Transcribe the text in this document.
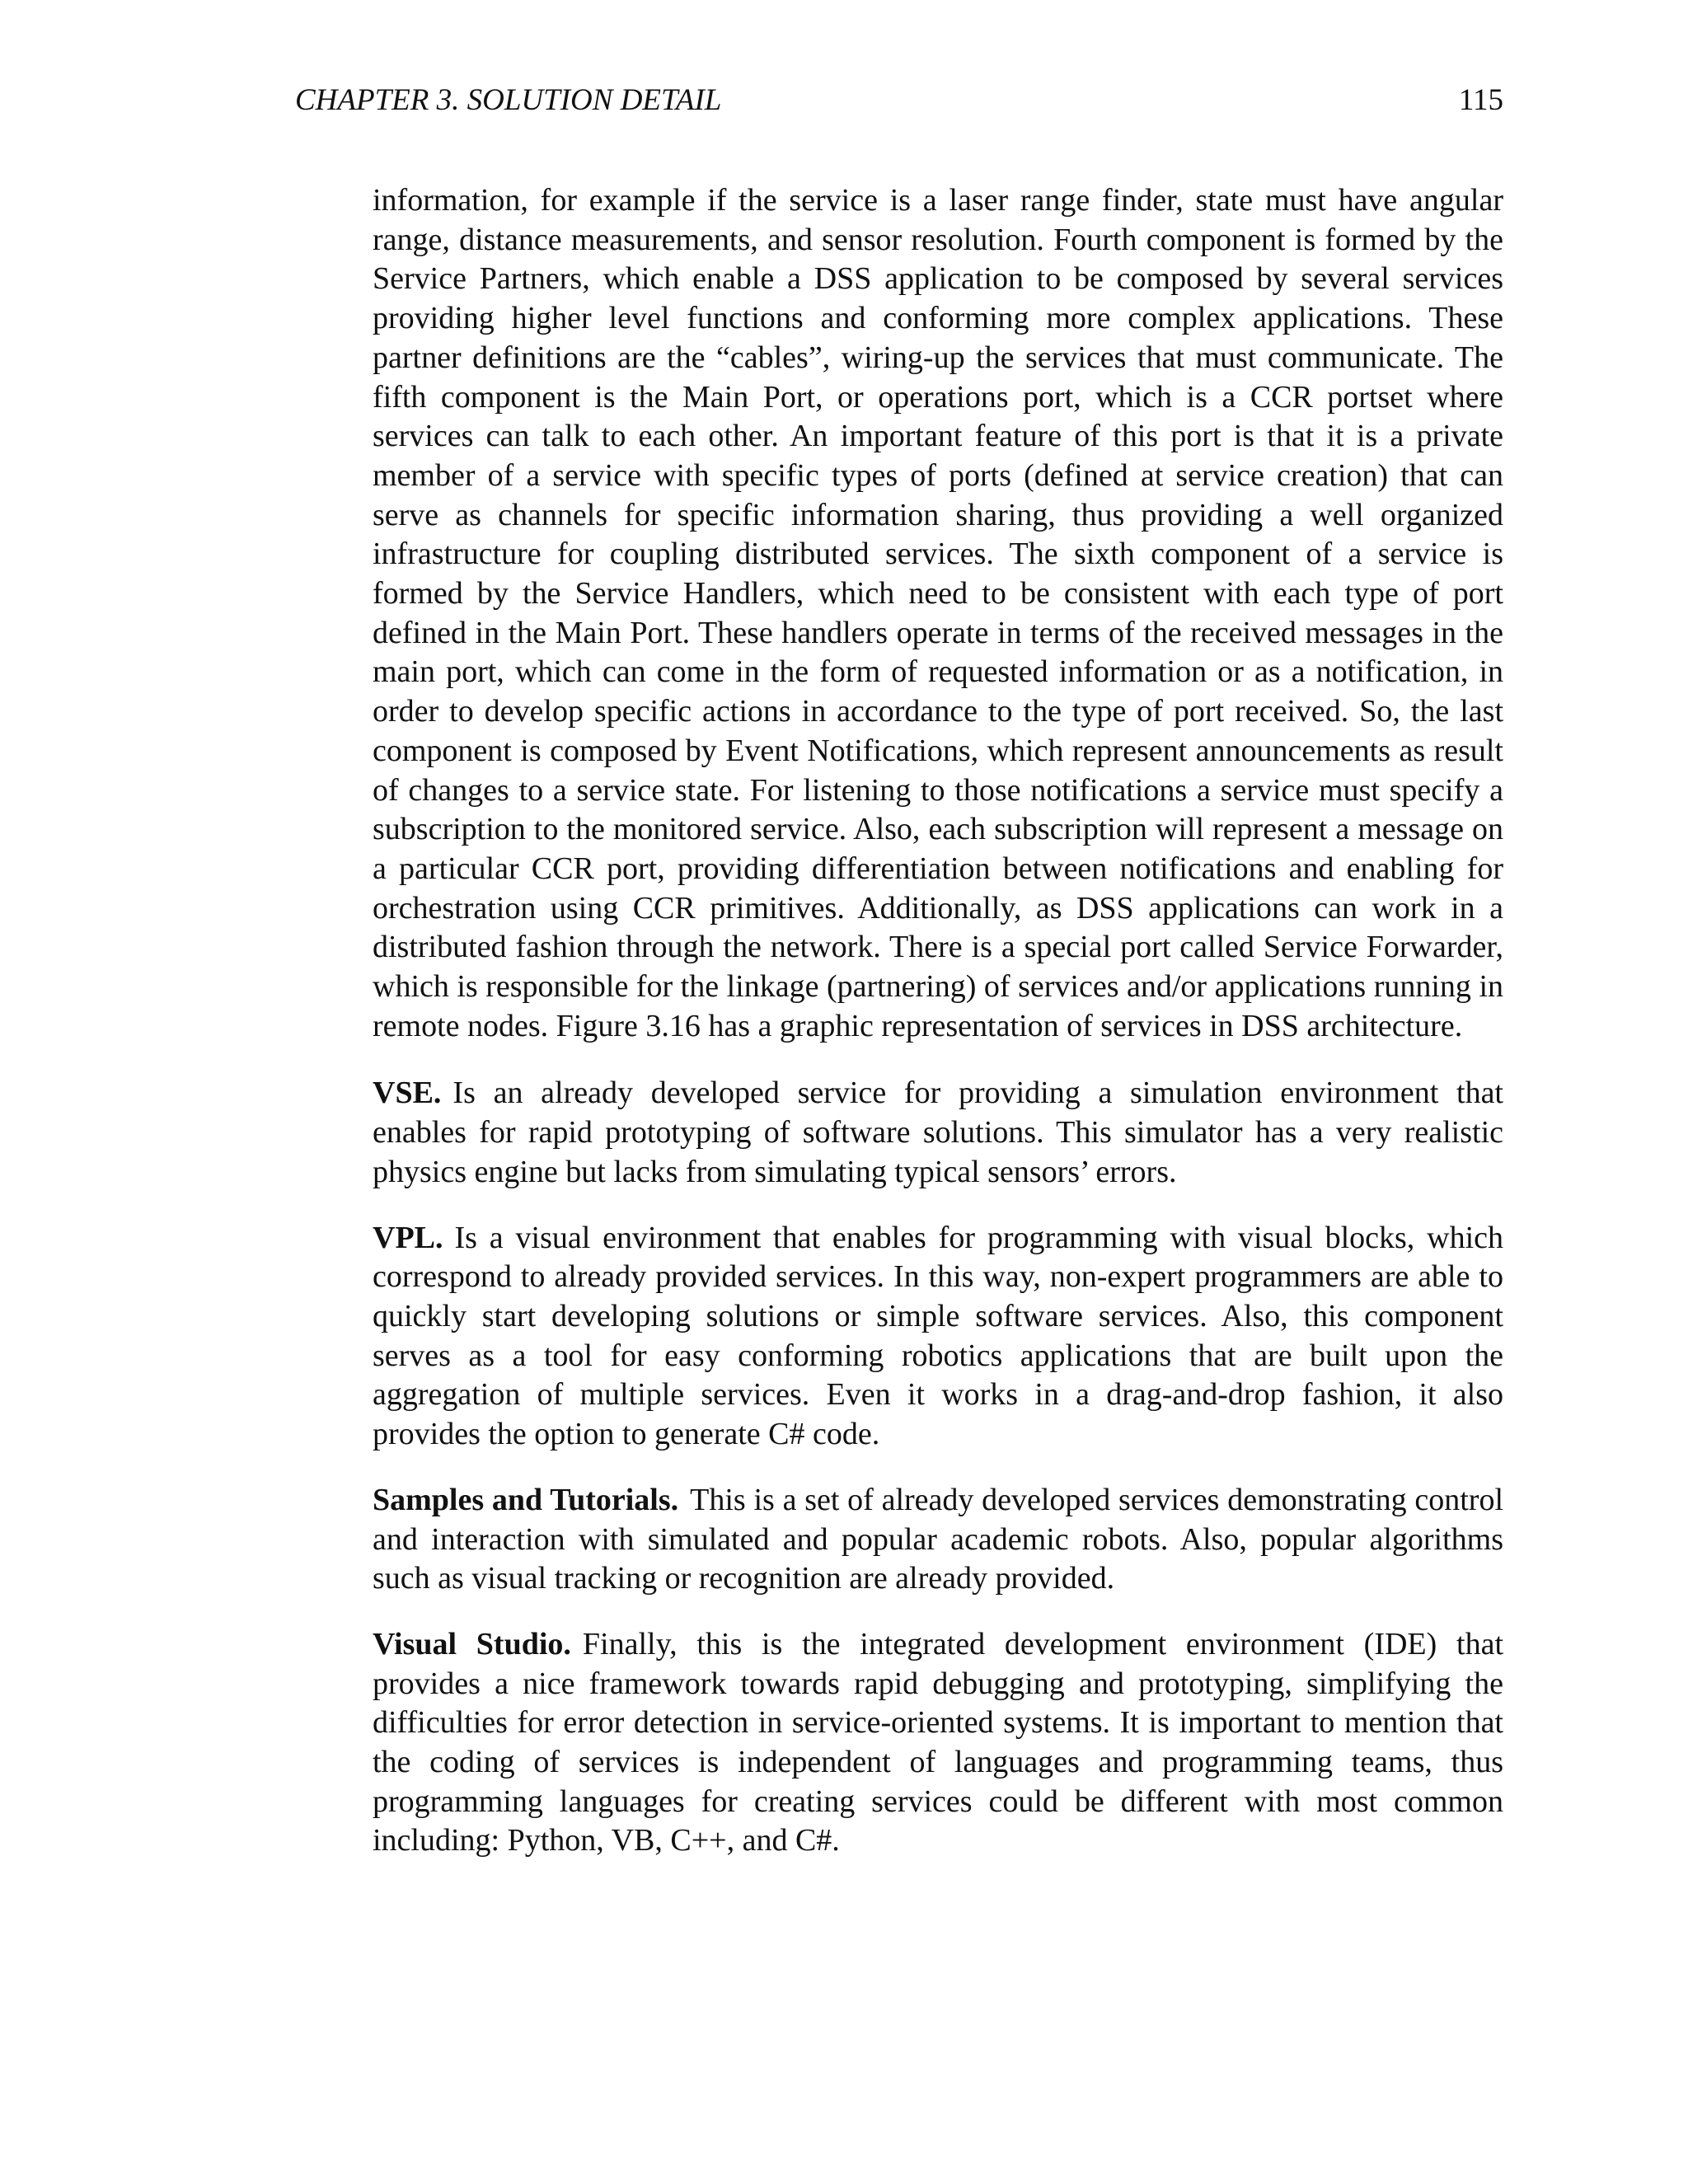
CHAPTER 3. SOLUTION DETAIL	115

information, for example if the service is a laser range finder, state must have angular range, distance measurements, and sensor resolution. Fourth component is formed by the Service Partners, which enable a DSS application to be composed by several services providing higher level functions and conforming more complex applications. These partner definitions are the “cables”, wiring-up the services that must communicate. The fifth component is the Main Port, or operations port, which is a CCR portset where services can talk to each other. An important feature of this port is that it is a private member of a service with specific types of ports (defined at service creation) that can serve as channels for specific information sharing, thus providing a well organized infrastructure for coupling distributed services. The sixth component of a service is formed by the Service Handlers, which need to be consistent with each type of port defined in the Main Port. These handlers operate in terms of the received messages in the main port, which can come in the form of requested information or as a notification, in order to develop specific actions in accordance to the type of port received. So, the last component is composed by Event Notifications, which represent announcements as result of changes to a service state. For listening to those notifications a service must specify a subscription to the monitored service. Also, each subscription will represent a message on a particular CCR port, providing differentiation between notifications and enabling for orchestration using CCR primitives. Additionally, as DSS applications can work in a distributed fashion through the network. There is a special port called Service Forwarder, which is responsible for the linkage (partnering) of services and/or applications running in remote nodes. Figure 3.16 has a graphic representation of services in DSS architecture.

VSE. Is an already developed service for providing a simulation environment that enables for rapid prototyping of software solutions. This simulator has a very realistic physics engine but lacks from simulating typical sensors’ errors.

VPL. Is a visual environment that enables for programming with visual blocks, which correspond to already provided services. In this way, non-expert programmers are able to quickly start developing solutions or simple software services. Also, this component serves as a tool for easy conforming robotics applications that are built upon the aggregation of multiple services. Even it works in a drag-and-drop fashion, it also provides the option to generate C# code.

Samples and Tutorials. This is a set of already developed services demonstrating control and interaction with simulated and popular academic robots. Also, popular algorithms such as visual tracking or recognition are already provided.

Visual Studio. Finally, this is the integrated development environment (IDE) that provides a nice framework towards rapid debugging and prototyping, simplifying the difficulties for error detection in service-oriented systems. It is important to mention that the coding of services is independent of languages and programming teams, thus programming languages for creating services could be different with most common including: Python, VB, C++, and C#.
